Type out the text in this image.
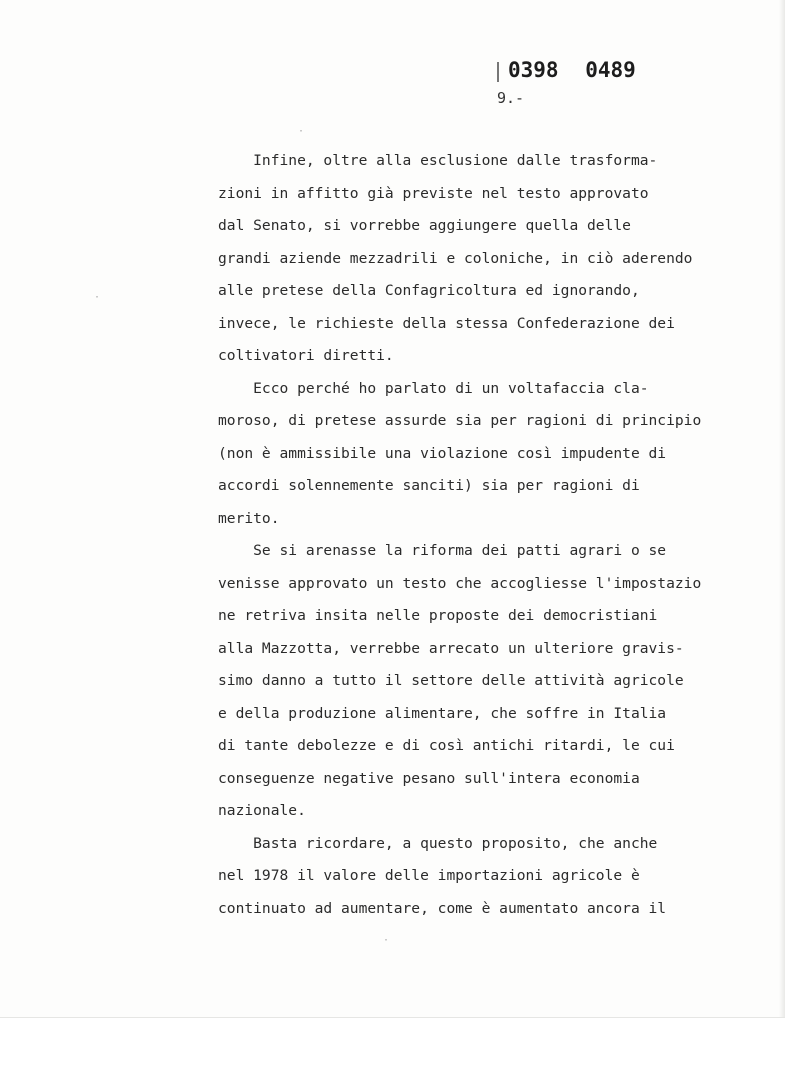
0398 0489
9.-
Infine, oltre alla esclusione dalle trasforma-
zioni in affitto già previste nel testo approvato
dal Senato, si vorrebbe aggiungere quella delle
grandi aziende mezzadrili e coloniche, in ciò aderendo
alle pretese della Confagricoltura ed ignorando,
invece, le richieste della stessa Confederazione dei
coltivatori diretti.
Ecco perché ho parlato di un voltafaccia cla-
moroso, di pretese assurde sia per ragioni di principio
(non è ammissibile una violazione così impudente di
accordi solennemente sanciti) sia per ragioni di
merito.
Se si arenasse la riforma dei patti agrari o se
venisse approvato un testo che accogliesse l'impostazio
ne retriva insita nelle proposte dei democristiani
alla Mazzotta, verrebbe arrecato un ulteriore gravis-
simo danno a tutto il settore delle attività agricole
e della produzione alimentare, che soffre in Italia
di tante debolezze e di così antichi ritardi, le cui
conseguenze negative pesano sull'intera economia
nazionale.
Basta ricordare, a questo proposito, che anche
nel 1978 il valore delle importazioni agricole è
continuato ad aumentare, come è aumentato ancora il
·
·
·
